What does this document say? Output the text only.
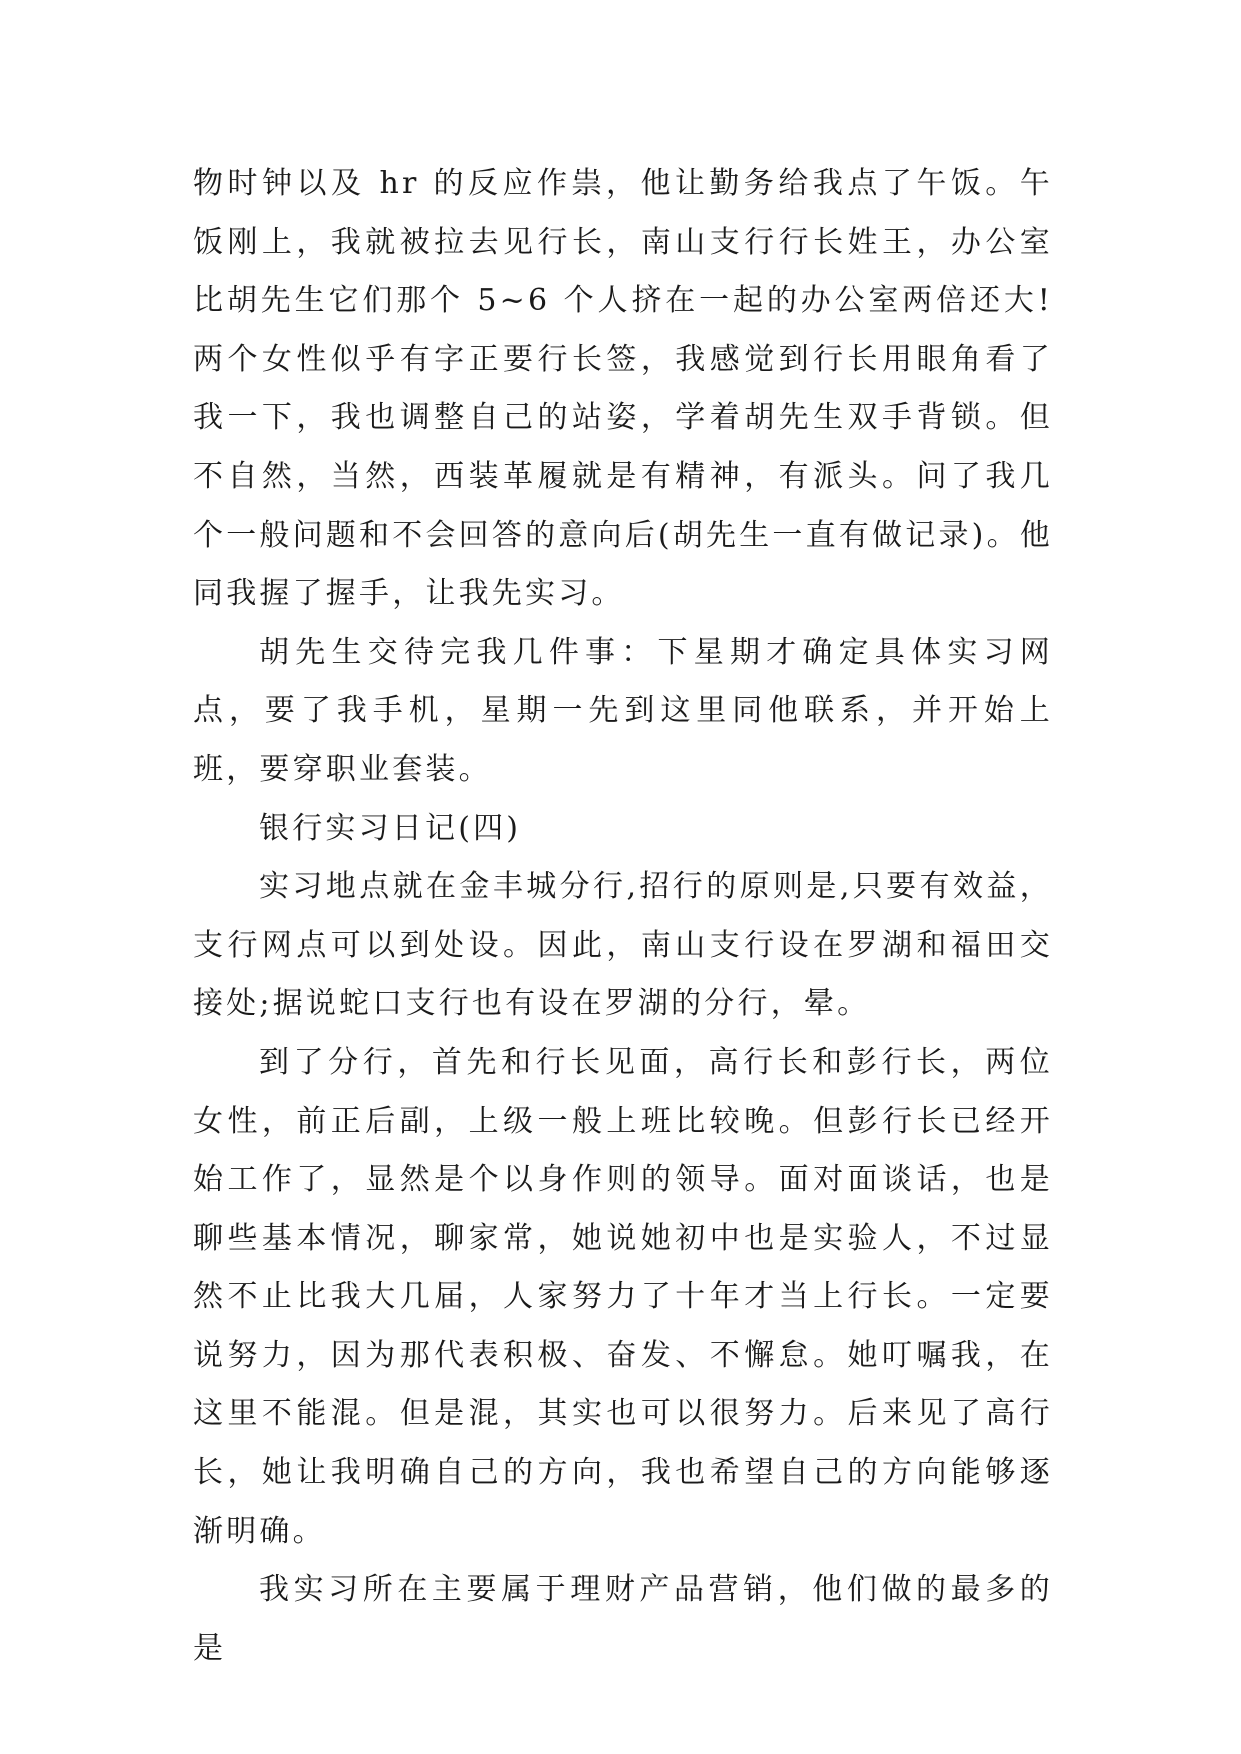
物时钟以及 hr 的反应作祟，他让勤务给我点了午饭。午饭刚上，我就被拉去见行长，南山支行行长姓王，办公室比胡先生它们那个 5~6 个人挤在一起的办公室两倍还大!两个女性似乎有字正要行长签，我感觉到行长用眼角看了我一下，我也调整自己的站姿，学着胡先生双手背锁。但不自然，当然，西装革履就是有精神，有派头。问了我几个一般问题和不会回答的意向后(胡先生一直有做记录)。他同我握了握手，让我先实习。

胡先生交待完我几件事：下星期才确定具体实习网点，要了我手机，星期一先到这里同他联系，并开始上班，要穿职业套装。

银行实习日记(四)

实习地点就在金丰城分行,招行的原则是,只要有效益，支行网点可以到处设。因此，南山支行设在罗湖和福田交接处;据说蛇口支行也有设在罗湖的分行，晕。

到了分行，首先和行长见面，高行长和彭行长，两位女性，前正后副，上级一般上班比较晚。但彭行长已经开始工作了，显然是个以身作则的领导。面对面谈话，也是聊些基本情况，聊家常，她说她初中也是实验人，不过显然不止比我大几届，人家努力了十年才当上行长。一定要说努力，因为那代表积极、奋发、不懈怠。她叮嘱我，在这里不能混。但是混，其实也可以很努力。后来见了高行长，她让我明确自己的方向，我也希望自己的方向能够逐渐明确。

我实习所在主要属于理财产品营销，他们做的最多的是
